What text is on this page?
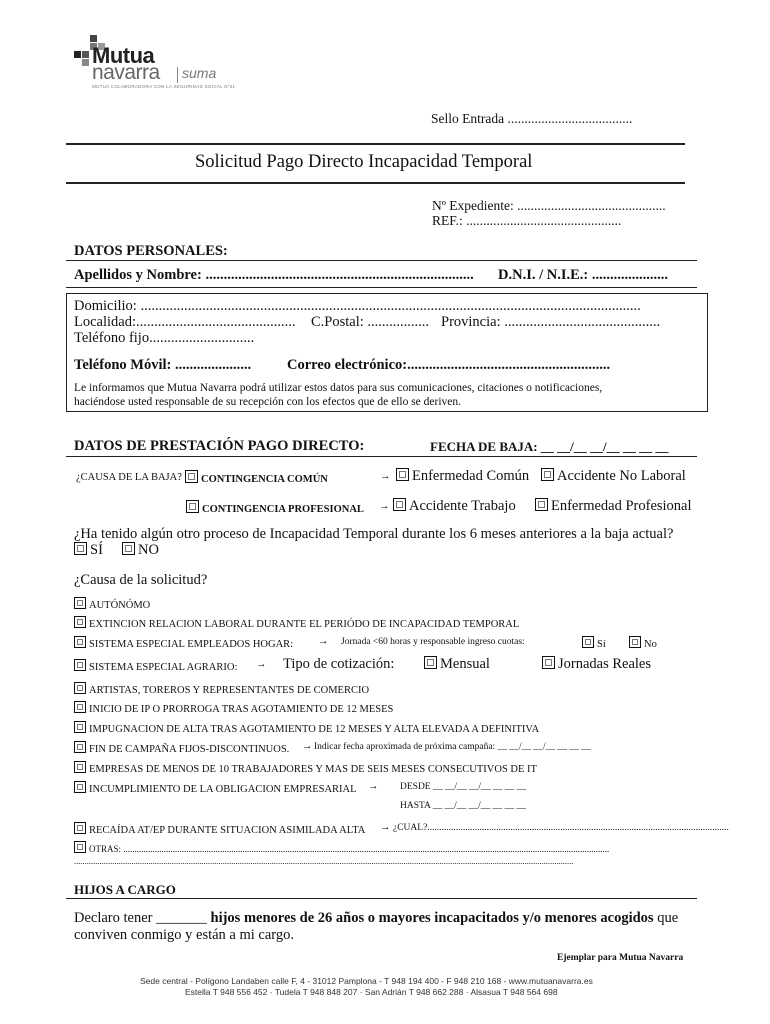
Mutua
navarra suma
MUTUA COLABORADORA CON LA SEGURIDAD SOCIAL Nº21
Sello Entrada .....................................
Solicitud Pago Directo Incapacidad Temporal
Nº Expediente: ............................................
REF.: ..............................................
DATOS PERSONALES:
Apellidos y Nombre: .......................................................................... D.N.I. / N.I.E.: .....................
Domicilio: ..........................................................................................................................................
Localidad:............................................ C.Postal: ................. Provincia: ...........................................
Teléfono fijo.............................
Teléfono Móvil: ..................... Correo electrónico:........................................................
Le informamos que Mutua Navarra podrá utilizar estos datos para sus comunicaciones, citaciones o notificaciones,
haciéndose usted responsable de su recepción con los efectos que de ello se deriven.
DATOS DE PRESTACIÓN PAGO DIRECTO:	FECHA DE BAJA: __ __/__ __/__ __ __ __
¿CAUSA DE LA BAJA?	CONTINGENCIA COMÚN	→	Enfermedad Común	Accidente No Laboral
CONTINGENCIA PROFESIONAL →	Accidente Trabajo	Enfermedad Profesional
¿Ha tenido algún otro proceso de Incapacidad Temporal durante los 6 meses anteriores a la baja actual?
SÍ	NO
¿Causa de la solicitud?
AUTÓNÓMO
EXTINCION RELACION LABORAL DURANTE EL PERIÓDO DE INCAPACIDAD TEMPORAL
SISTEMA ESPECIAL EMPLEADOS HOGAR: → Jornada <60 horas y responsable ingreso cuotas:	Sí	No
SISTEMA ESPECIAL AGRARIO: → Tipo de cotización:	Mensual	Jornadas Reales
ARTISTAS, TOREROS Y REPRESENTANTES DE COMERCIO
INICIO DE IP O PRORROGA TRAS AGOTAMIENTO DE 12 MESES
IMPUGNACION DE ALTA TRAS AGOTAMIENTO DE 12 MESES Y ALTA ELEVADA A DEFINITIVA
FIN DE CAMPAÑA FIJOS-DISCONTINUOS. → Indicar fecha aproximada de próxima campaña: __ __/__ __/__ __ __ __
EMPRESAS DE MENOS DE 10 TRABAJADORES Y MAS DE SEIS MESES CONSECUTIVOS DE IT
INCUMPLIMIENTO DE LA OBLIGACION EMPRESARIAL → DESDE __ __/__ __/__ __ __ __
HASTA __ __/__ __/__ __ __ __
RECAÍDA AT/EP DURANTE SITUACION ASIMILADA ALTA → ¿CUAL?...............................................................................................................................
OTRAS: ........................................................................................................................................................................................................................
...........................................................................................................................................................................................................................................
HIJOS A CARGO
Declaro tener _______ hijos menores de 26 años o mayores incapacitados y/o menores acogidos que
conviven conmigo y están a mi cargo.
Ejemplar para Mutua Navarra
Sede central - Polígono Landaben calle F, 4 - 31012 Pamplona - T 948 194 400 - F 948 210 168 - www.mutuanavarra.es
Estella T 948 556 452 · Tudela T 948 848 207 · San Adrián T 948 662 288 · Alsasua T 948 564 698
